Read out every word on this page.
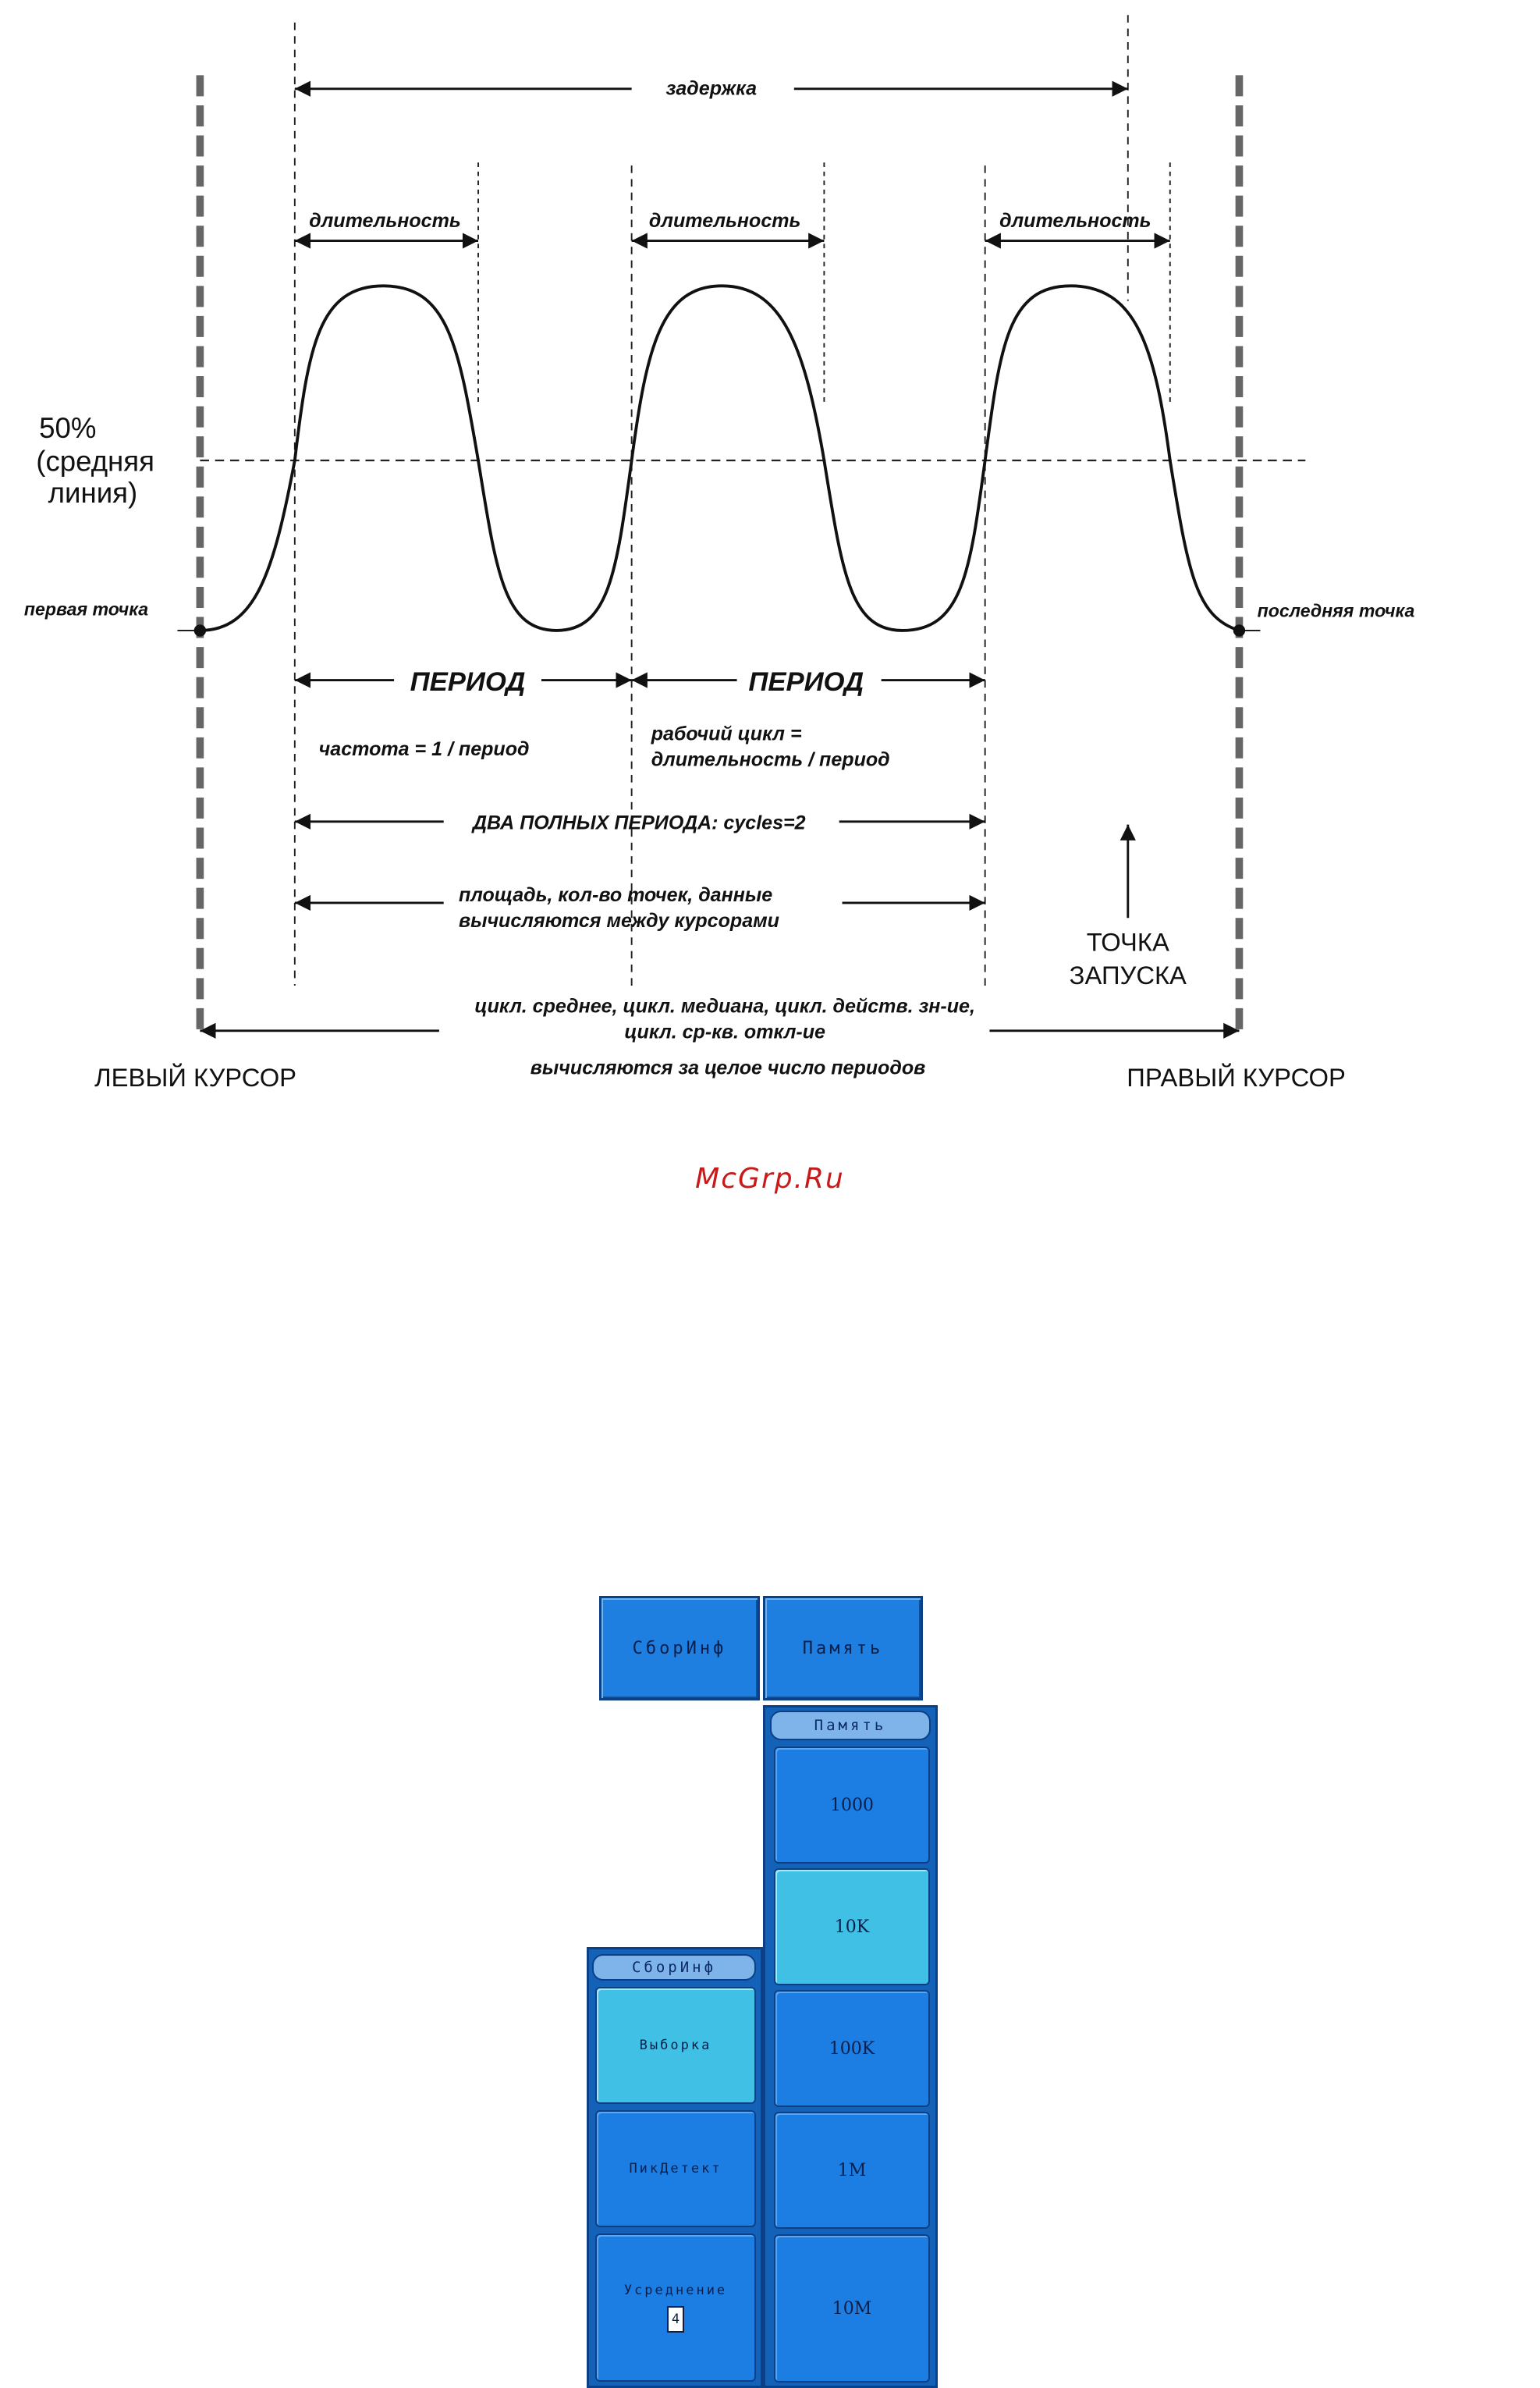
задержка
длительность	длительность	длительность
50%
(средняя
линия)
первая точка	последняя точка
ПЕРИОД	ПЕРИОД
частота = 1 / период
рабочий цикл =
длительность / период
ДВА ПОЛНЫХ ПЕРИОДА: cycles=2
площадь, кол-во точек, данные
вычисляются между курсорами
ТОЧКА
ЗАПУСКА
цикл. среднее, цикл. медиана, цикл. действ. зн-ие,
цикл. ср-кв. откл-ие
вычисляются за целое число периодов
ЛЕВЫЙ КУРСОР	ПРАВЫЙ КУРСОР
McGrp.Ru
СборИнф	Память
Память
1000
10K
100K
1M
10M
СборИнф
Выборка
ПикДетект
Усреднение
4
